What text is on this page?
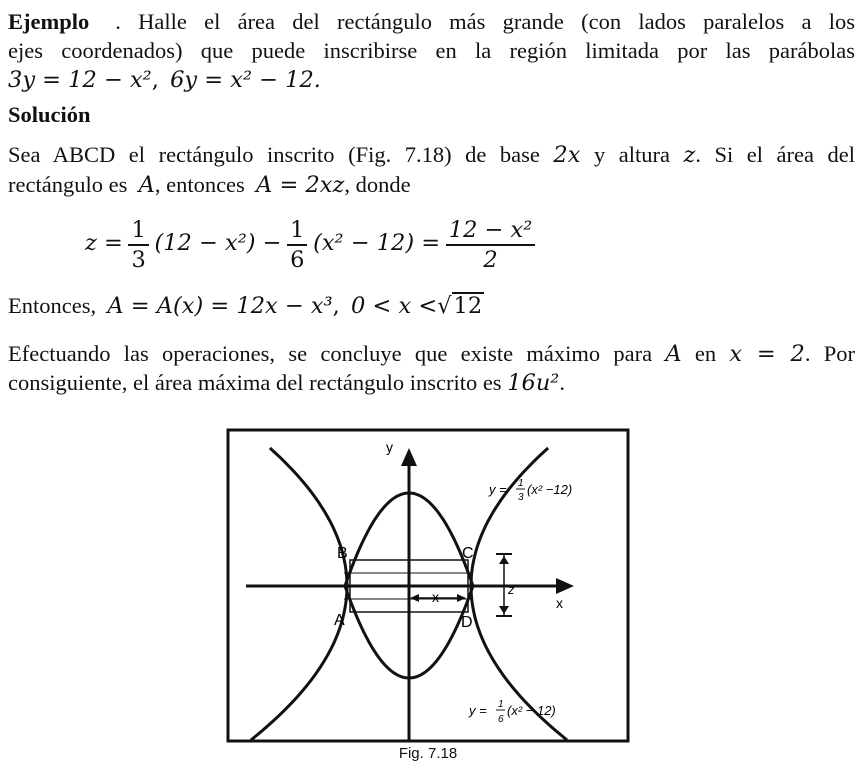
Ejemplo . Halle el área del rectángulo más grande (con lados paralelos a los
ejes coordenados) que puede inscribirse en la región limitada por las parábolas
3y = 12 − x², 6y = x² − 12.
Solución
Sea ABCD el rectángulo inscrito (Fig. 7.18) de base 2x y altura z. Si el área del
rectángulo es A, entonces A = 2xz, donde
$z = \frac{1}{3} (12 - x^2) - \frac{1}{6} (x^2 - 12) = \frac{\text{12 − x²}}{2}$
Entonces, A = A(x) = 12x − x³, 0 < x <√12
Efectuando las operaciones, se concluye que existe máximo para A en x = 2. Por
consiguiente, el área máxima del rectángulo inscrito es 16u².
y
x
B
A
C
D
x	z
y = 1
3
(x² −12)
y = 1
6
(x² − 12)
Fig. 7.18
